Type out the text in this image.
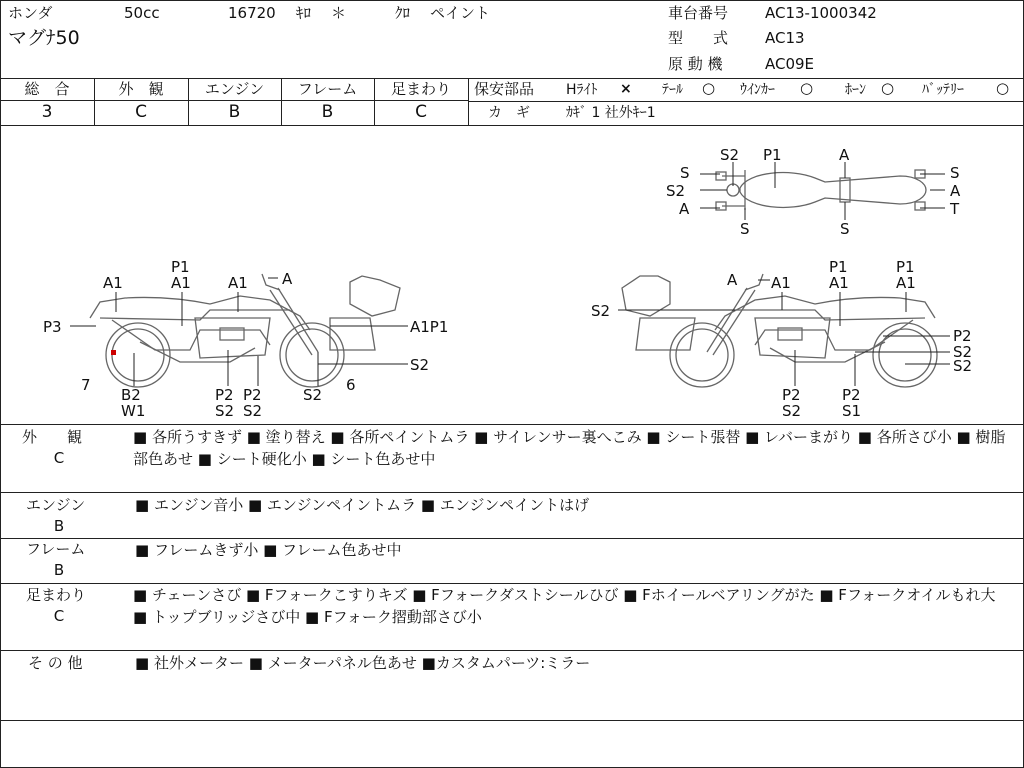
ホンダ	50cc	16720 ｷﾛ ＊	ｸﾛ ペイント
マグﾅ50
車台番号 AC13-1000342
型　　式 AC13
原 動 機	AC09E
総　合	外　観	エンジン	フレーム	足まわり
3	C	B	B	C
保安部品 Hﾗｲﾄ × ﾃｰﾙ ○ ｳｲﾝｶｰ ○ ﾎｰﾝ ○ ﾊﾞｯﾃﾘｰ ○
カ　ギ	ｶｷﾞ 1 社外ｷｰ1
S2 P1	A
S
S2
A
S	S
S
A
T
P1
A1
A1	A1 A
P3	A1P1
S2
7	6
B2
W1
P2
S2
P2
S2
S2
A A1
P1
A1
P1
A1
S2
P2
S2
S2
P2
S2
P2
S1
外　　観
C
■ 各所うすきず ■ 塗り替え ■ 各所ペイントムラ ■ サイレンサー裏へこみ ■ シート張替 ■ レバーまがり ■ 各所さび小 ■ 樹脂部色あせ ■ シート硬化小 ■ シート色あせ中
エンジン
B
■ エンジン音小 ■ エンジンペイントムラ ■ エンジンペイントはげ
フレーム
B
■ フレームきず小 ■ フレーム色あせ中
足まわり
C
■ チェーンさび ■ Fフォークこすりキズ ■ Fフォークダストシールひび ■ Fホイールベアリングがた ■ Fフォークオイルもれ大 ■ トップブリッジさび中 ■ Fフォーク摺動部さび小
そ の 他	■ 社外メーター ■ メーターパネル色あせ ■カスタムパーツ:ミラー
